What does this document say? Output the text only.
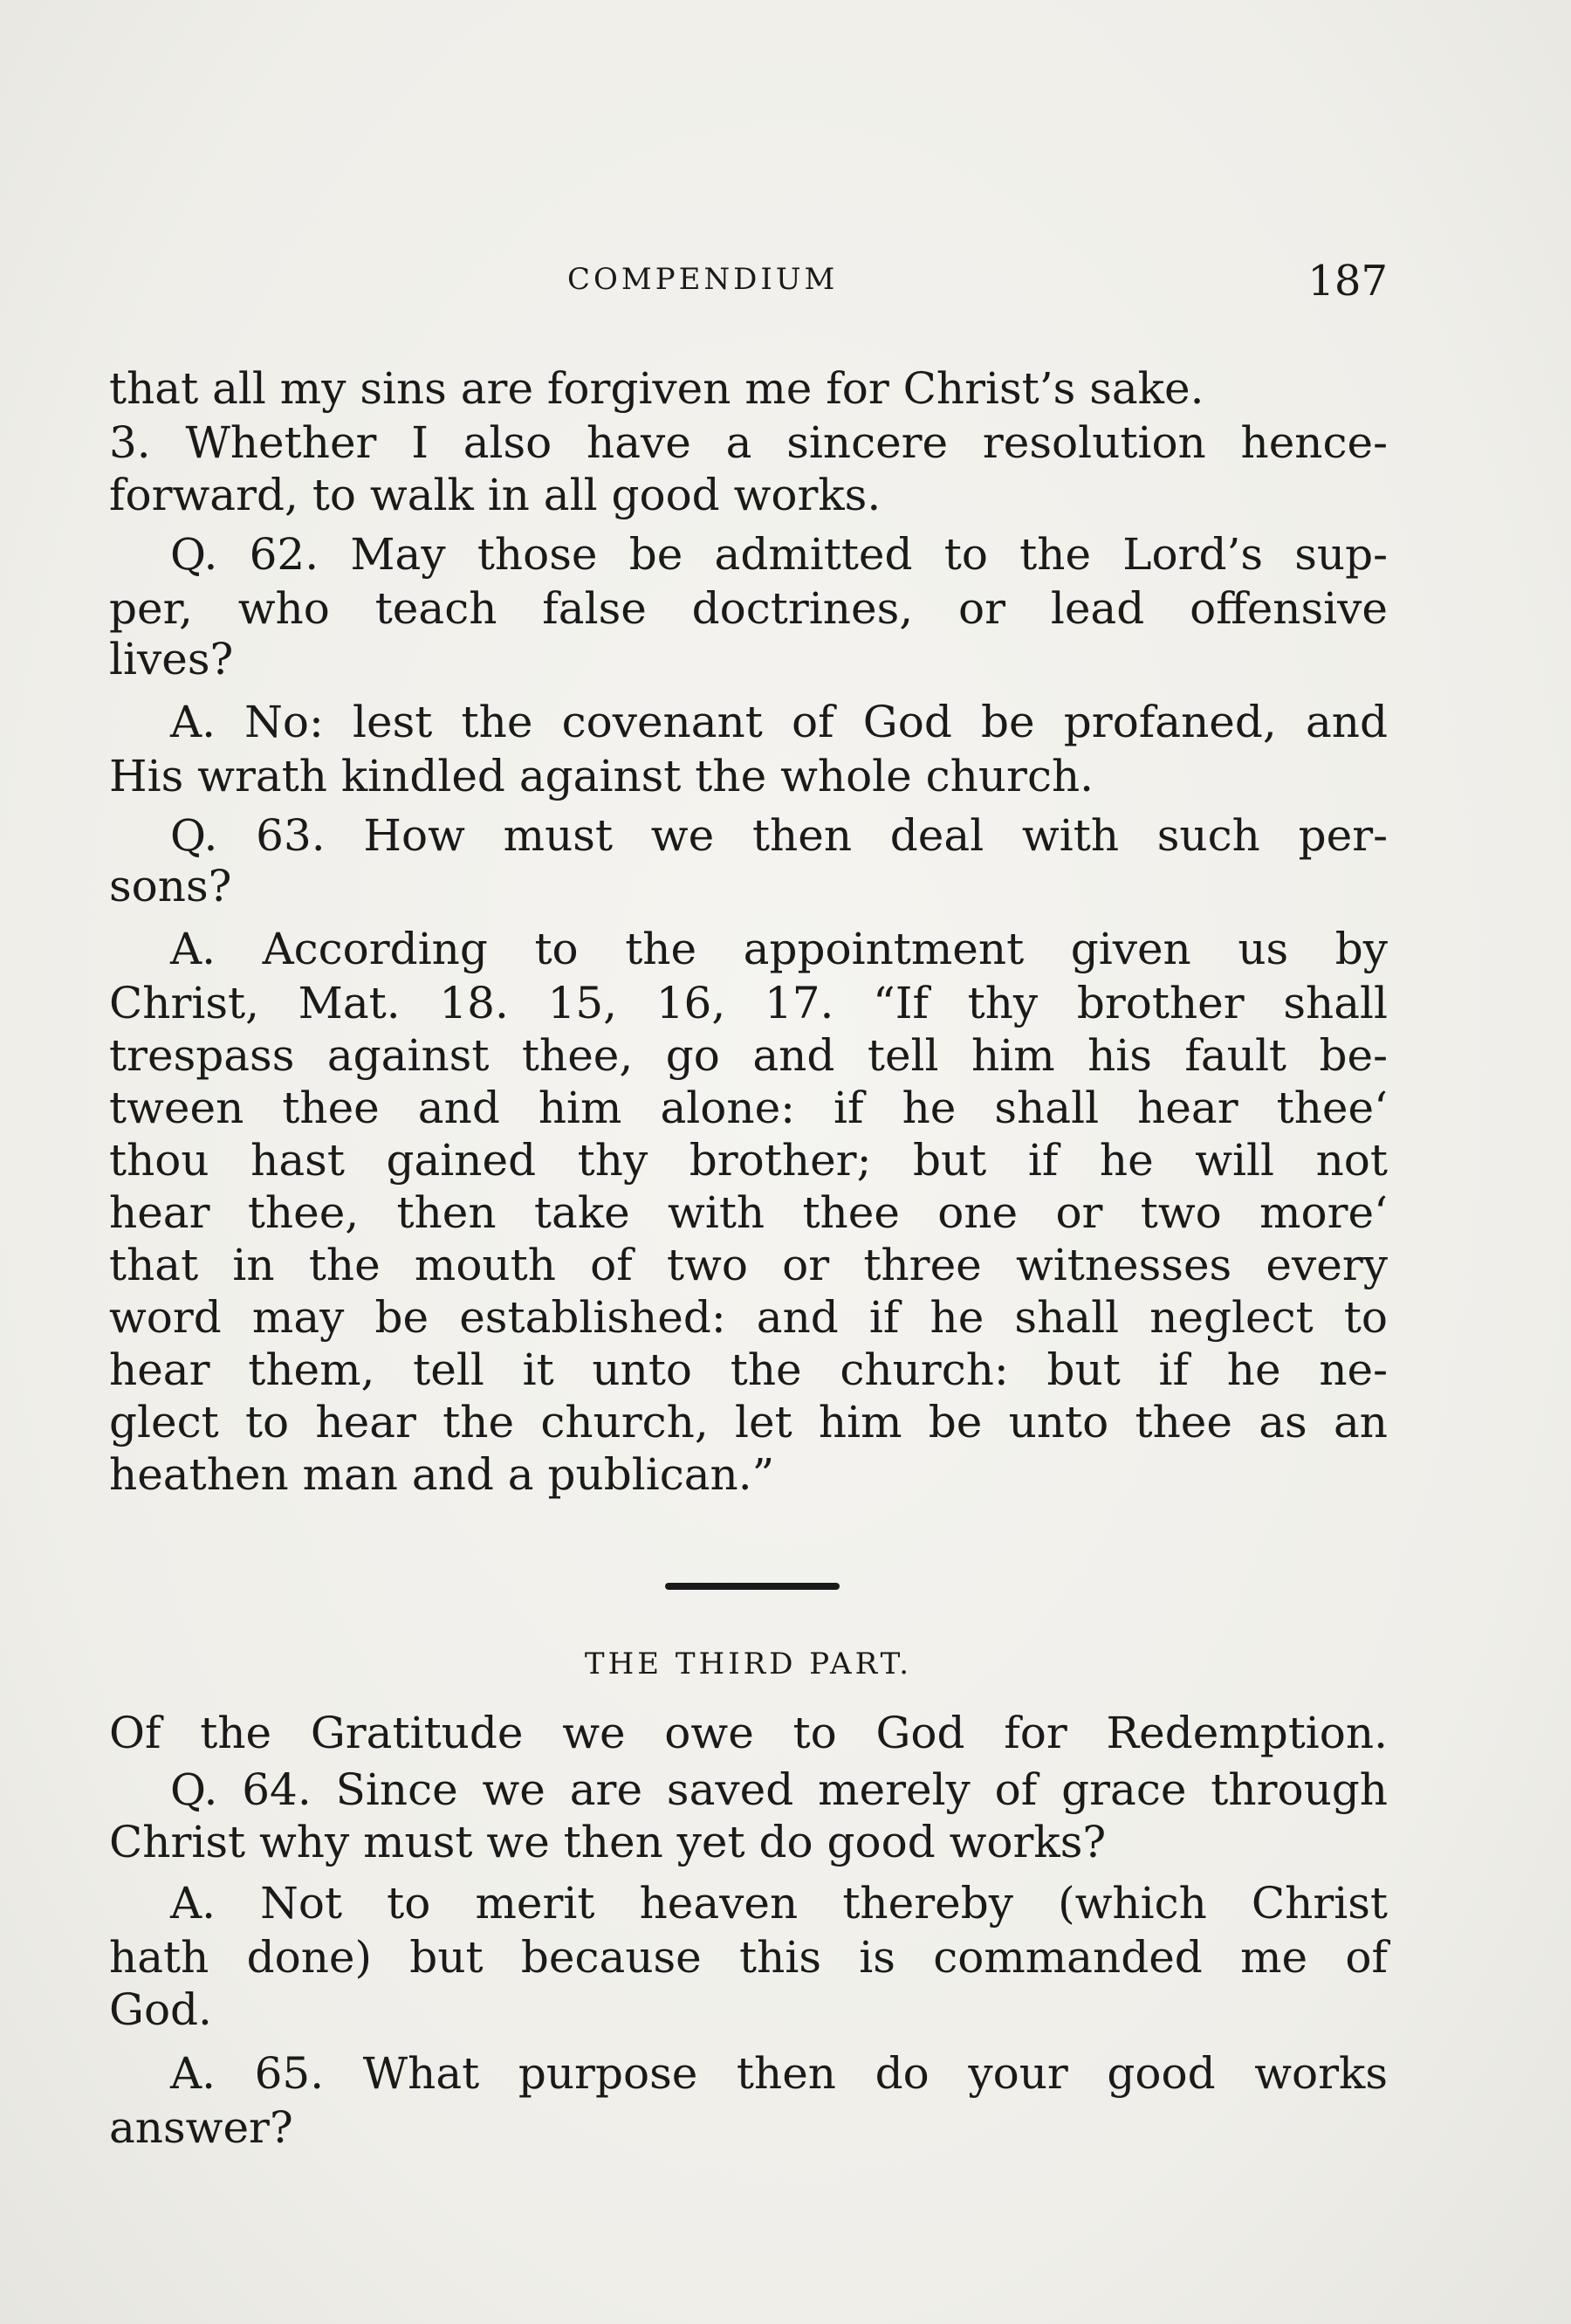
COMPENDIUM	187
that all my sins are forgiven me for Christ’s sake.
3. Whether I also have a sincere resolution hence-
forward, to walk in all good works.
Q. 62. May those be admitted to the Lord’s sup-
per, who teach false doctrines, or lead offensive
lives?
A. No: lest the covenant of God be profaned, and
His wrath kindled against the whole church.
Q. 63. How must we then deal with such per-
sons?
A. According to the appointment given us by
Christ, Mat. 18. 15, 16, 17. “If thy brother shall
trespass against thee, go and tell him his fault be-
tween thee and him alone: if he shall hear thee‘
thou hast gained thy brother; but if he will not
hear thee, then take with thee one or two more‘
that in the mouth of two or three witnesses every
word may be established: and if he shall neglect to
hear them, tell it unto the church: but if he ne-
glect to hear the church, let him be unto thee as an
heathen man and a publican.”
THE THIRD PART.
Of the Gratitude we owe to God for Redemption.
Q. 64. Since we are saved merely of grace through
Christ why must we then yet do good works?
A. Not to merit heaven thereby (which Christ
hath done) but because this is commanded me of
God.
A. 65. What purpose then do your good works
answer?
